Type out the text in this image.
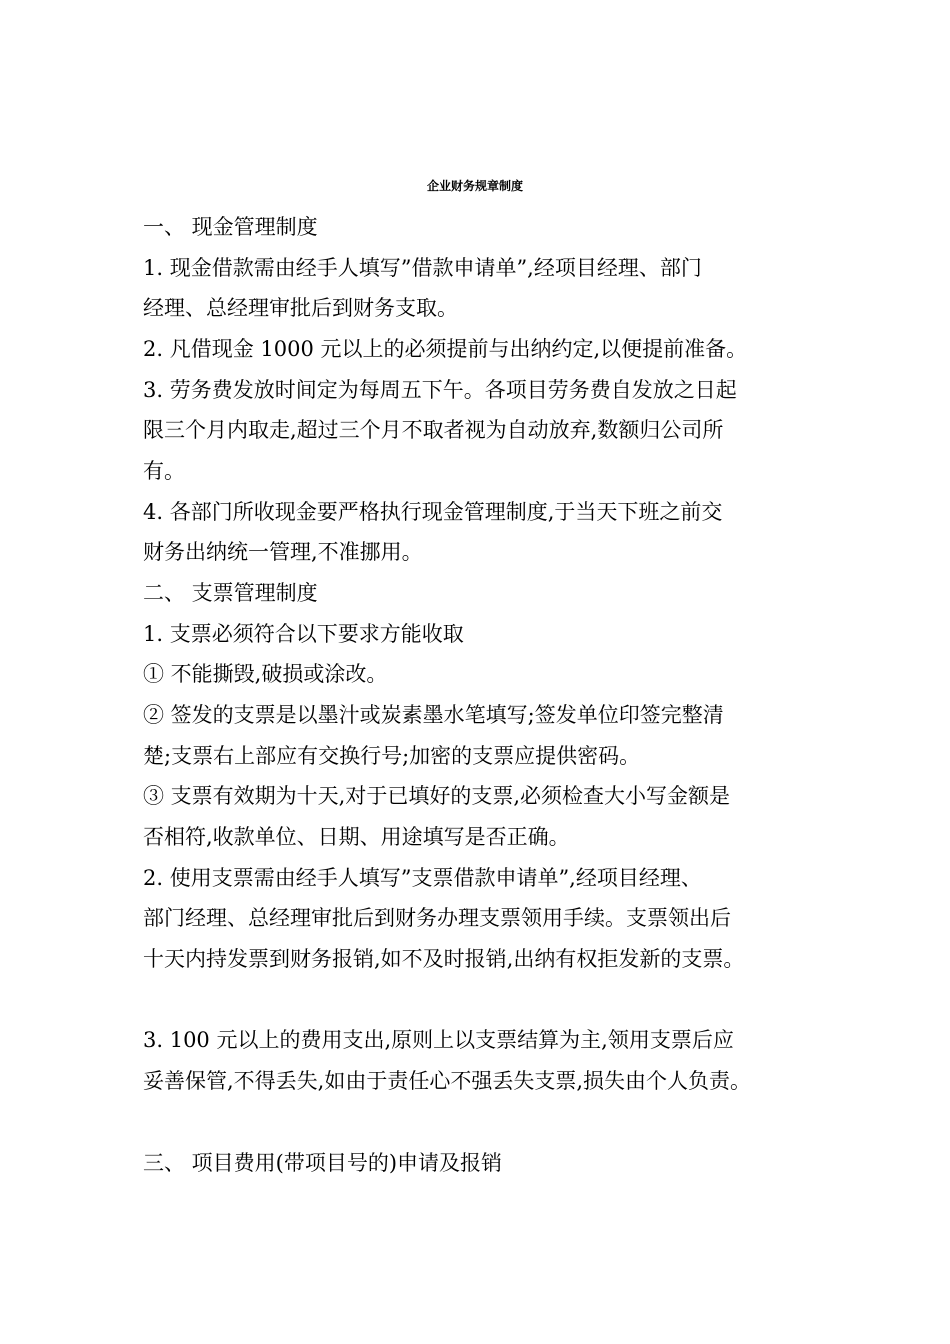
企业财务规章制度
一、 现金管理制度
1. 现金借款需由经手人填写”借款申请单”,经项目经理、部门
经理、总经理审批后到财务支取。
2. 凡借现金 1000 元以上的必须提前与出纳约定,以便提前准备。
3. 劳务费发放时间定为每周五下午。各项目劳务费自发放之日起
限三个月内取走,超过三个月不取者视为自动放弃,数额归公司所
有。
4. 各部门所收现金要严格执行现金管理制度,于当天下班之前交
财务出纳统一管理,不准挪用。
二、 支票管理制度
1. 支票必须符合以下要求方能收取
① 不能撕毁,破损或涂改。
② 签发的支票是以墨汁或炭素墨水笔填写;签发单位印签完整清
楚;支票右上部应有交换行号;加密的支票应提供密码。
③ 支票有效期为十天,对于已填好的支票,必须检查大小写金额是
否相符,收款单位、日期、用途填写是否正确。
2. 使用支票需由经手人填写”支票借款申请单”,经项目经理、
部门经理、总经理审批后到财务办理支票领用手续。支票领出后
十天内持发票到财务报销,如不及时报销,出纳有权拒发新的支票。
3. 100 元以上的费用支出,原则上以支票结算为主,领用支票后应
妥善保管,不得丢失,如由于责任心不强丢失支票,损失由个人负责。
三、 项目费用(带项目号的)申请及报销
